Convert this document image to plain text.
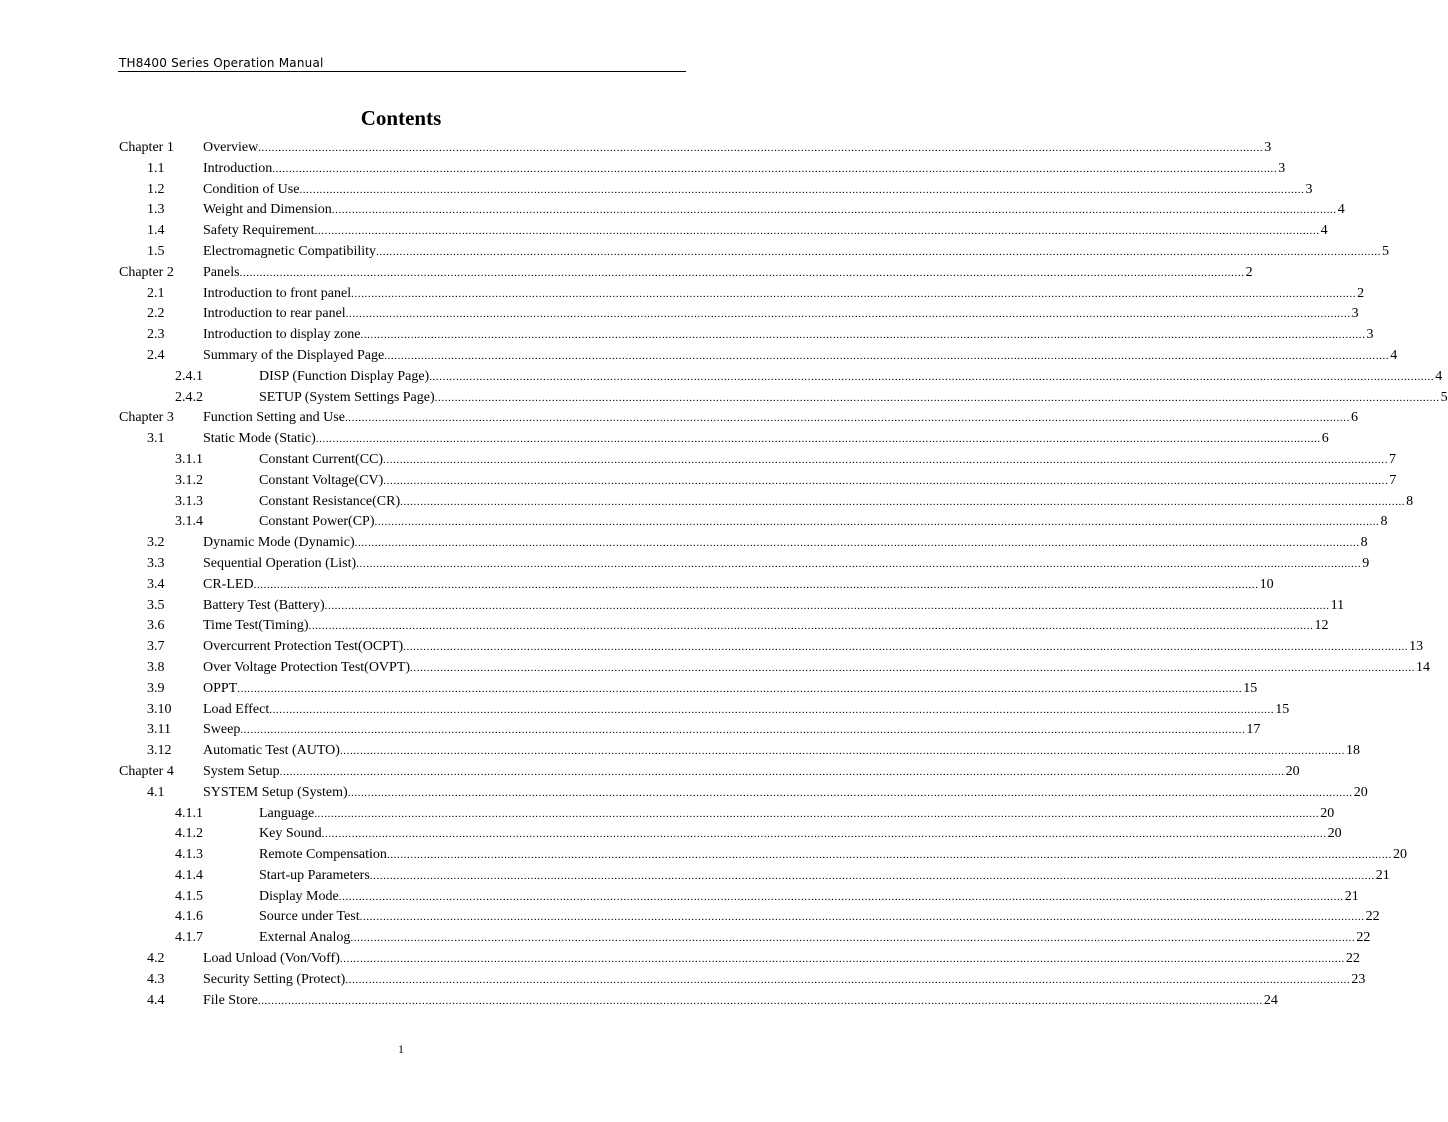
TH8400 Series Operation Manual
Contents
Chapter 1 Overview ............................................................................................................................................................................................................................................................................................................ 3
1.1	Introduction ............................................................................................................................................................................................................................................................................................................ 3
1.2	Condition of Use ............................................................................................................................................................................................................................................................................................................ 3
1.3	Weight and Dimension ............................................................................................................................................................................................................................................................................................................ 4
1.4	Safety Requirement ............................................................................................................................................................................................................................................................................................................ 4
1.5	Electromagnetic Compatibility ............................................................................................................................................................................................................................................................................................................ 5
Chapter 2 Panels ............................................................................................................................................................................................................................................................................................................ 2
2.1	Introduction to front panel ............................................................................................................................................................................................................................................................................................................ 2
2.2	Introduction to rear panel ............................................................................................................................................................................................................................................................................................................ 3
2.3	Introduction to display zone ............................................................................................................................................................................................................................................................................................................ 3
2.4	Summary of the Displayed Page ............................................................................................................................................................................................................................................................................................................ 4
2.4.1	DISP (Function Display Page) ............................................................................................................................................................................................................................................................................................................ 4
2.4.2	SETUP (System Settings Page) ............................................................................................................................................................................................................................................................................................................ 5
Chapter 3 Function Setting and Use ............................................................................................................................................................................................................................................................................................................ 6
3.1	Static Mode (Static) ............................................................................................................................................................................................................................................................................................................ 6
3.1.1	Constant Current(CC) ............................................................................................................................................................................................................................................................................................................ 7
3.1.2	Constant Voltage(CV) ............................................................................................................................................................................................................................................................................................................ 7
3.1.3	Constant Resistance(CR) ............................................................................................................................................................................................................................................................................................................ 8
3.1.4	Constant Power(CP) ............................................................................................................................................................................................................................................................................................................ 8
3.2	Dynamic Mode (Dynamic) ............................................................................................................................................................................................................................................................................................................ 8
3.3	Sequential Operation (List) ............................................................................................................................................................................................................................................................................................................ 9
3.4	CR-LED ............................................................................................................................................................................................................................................................................................................ 10
3.5	Battery Test (Battery) ............................................................................................................................................................................................................................................................................................................ 11
3.6	Time Test(Timing) ............................................................................................................................................................................................................................................................................................................ 12
3.7	Overcurrent Protection Test(OCPT) ............................................................................................................................................................................................................................................................................................................ 13
3.8	Over Voltage Protection Test(OVPT) ............................................................................................................................................................................................................................................................................................................ 14
3.9	OPPT ............................................................................................................................................................................................................................................................................................................ 15
3.10 Load Effect ............................................................................................................................................................................................................................................................................................................ 15
3.11 Sweep ............................................................................................................................................................................................................................................................................................................ 17
3.12 Automatic Test (AUTO) ............................................................................................................................................................................................................................................................................................................ 18
Chapter 4 System Setup ............................................................................................................................................................................................................................................................................................................ 20
4.1	SYSTEM Setup (System) ............................................................................................................................................................................................................................................................................................................ 20
4.1.1	Language ............................................................................................................................................................................................................................................................................................................ 20
4.1.2	Key Sound ............................................................................................................................................................................................................................................................................................................ 20
4.1.3	Remote Compensation ............................................................................................................................................................................................................................................................................................................ 20
4.1.4	Start-up Parameters ............................................................................................................................................................................................................................................................................................................ 21
4.1.5	Display Mode ............................................................................................................................................................................................................................................................................................................ 21
4.1.6	Source under Test ............................................................................................................................................................................................................................................................................................................ 22
4.1.7	External Analog ............................................................................................................................................................................................................................................................................................................ 22
4.2	Load Unload (Von/Voff) ............................................................................................................................................................................................................................................................................................................ 22
4.3	Security Setting (Protect) ............................................................................................................................................................................................................................................................................................................ 23
4.4	File Store ............................................................................................................................................................................................................................................................................................................ 24
1
